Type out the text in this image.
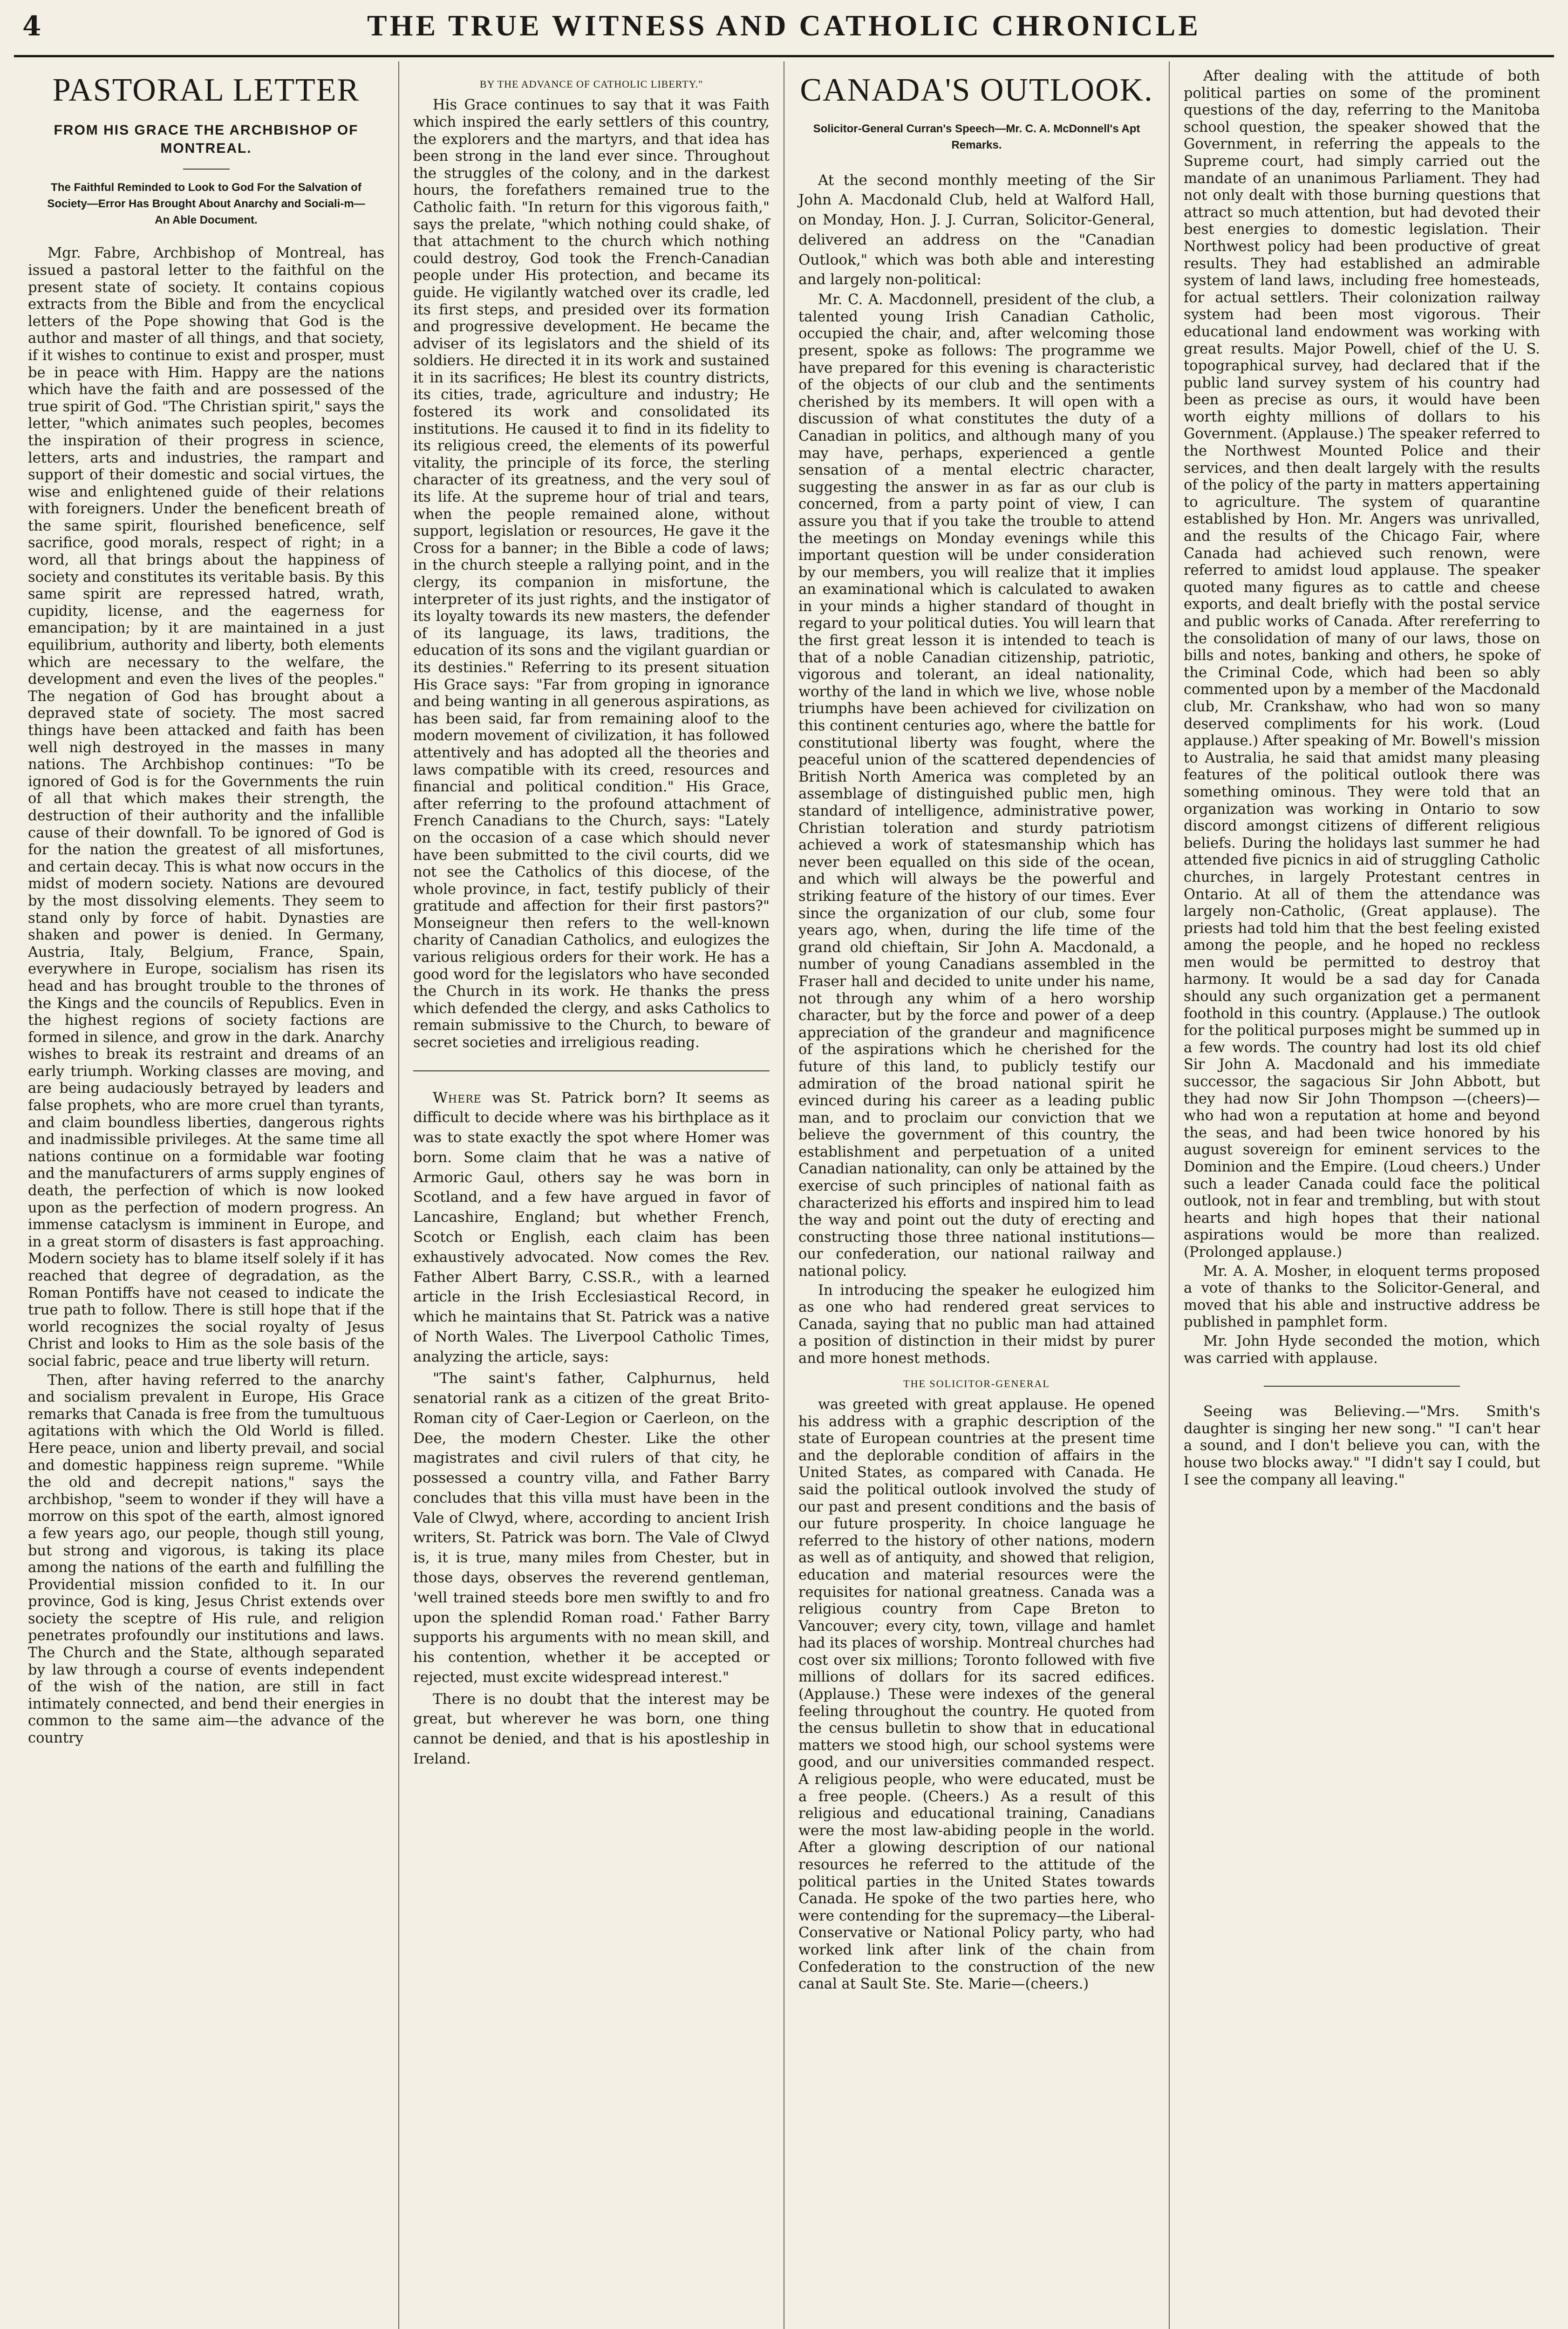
4	THE TRUE WITNESS AND CATHOLIC CHRONICLE
PASTORAL LETTER
FROM HIS GRACE THE ARCHBISHOP OF MONTREAL.
The Faithful Reminded to Look to God For the Salvation of Society—Error Has Brought About Anarchy and Sociali-m—An Able Document.

Mgr. Fabre, Archbishop of Montreal, has issued a pastoral letter to the faithful on the present state of society. It contains copious extracts from the Bible and from the encyclical letters of the Pope showing that God is the author and master of all things, and that society, if it wishes to continue to exist and prosper, must be in peace with Him. Happy are the nations which have the faith and are possessed of the true spirit of God. "The Christian spirit," says the letter, "which animates such peoples, becomes the inspiration of their progress in science, letters, arts and industries, the rampart and support of their domestic and social virtues, the wise and enlightened guide of their relations with foreigners. Under the beneficent breath of the same spirit, flourished beneficence, self sacrifice, good morals, respect of right; in a word, all that brings about the happiness of society and constitutes its veritable basis. By this same spirit are repressed hatred, wrath, cupidity, license, and the eagerness for emancipation; by it are maintained in a just equilibrium, authority and liberty, both elements which are necessary to the welfare, the development and even the lives of the peoples." The negation of God has brought about a depraved state of society. The most sacred things have been attacked and faith has been well nigh destroyed in the masses in many nations. The Archbishop continues: "To be ignored of God is for the Governments the ruin of all that which makes their strength, the destruction of their authority and the infallible cause of their downfall. To be ignored of God is for the nation the greatest of all misfortunes, and certain decay. This is what now occurs in the midst of modern society. Nations are devoured by the most dissolving elements. They seem to stand only by force of habit. Dynasties are shaken and power is denied. In Germany, Austria, Italy, Belgium, France, Spain, everywhere in Europe, socialism has risen its head and has brought trouble to the thrones of the Kings and the councils of Republics. Even in the highest regions of society factions are formed in silence, and grow in the dark. Anarchy wishes to break its restraint and dreams of an early triumph. Working classes are moving, and are being audaciously betrayed by leaders and false prophets, who are more cruel than tyrants, and claim boundless liberties, dangerous rights and inadmissible privileges. At the same time all nations continue on a formidable war footing and the manufacturers of arms supply engines of death, the perfection of which is now looked upon as the perfection of modern progress. An immense cataclysm is imminent in Europe, and in a great storm of disasters is fast approaching. Modern society has to blame itself solely if it has reached that degree of degradation, as the Roman Pontiffs have not ceased to indicate the true path to follow. There is still hope that if the world recognizes the social royalty of Jesus Christ and looks to Him as the sole basis of the social fabric, peace and true liberty will return.

Then, after having referred to the anarchy and socialism prevalent in Europe, His Grace remarks that Canada is free from the tumultuous agitations with which the Old World is filled. Here peace, union and liberty prevail, and social and domestic happiness reign supreme. "While the old and decrepit nations," says the archbishop, "seem to wonder if they will have a morrow on this spot of the earth, almost ignored a few years ago, our people, though still young, but strong and vigorous, is taking its place among the nations of the earth and fulfilling the Providential mission confided to it. In our province, God is king, Jesus Christ extends over society the sceptre of His rule, and religion penetrates profoundly our institutions and laws. The Church and the State, although separated by law through a course of events independent of the wish of the nation, are still in fact intimately connected, and bend their energies in common to the same aim—the advance of the country

BY THE ADVANCE OF CATHOLIC LIBERTY."

His Grace continues to say that it was Faith which inspired the early settlers of this country, the explorers and the martyrs, and that idea has been strong in the land ever since. Throughout the struggles of the colony, and in the darkest hours, the forefathers remained true to the Catholic faith. "In return for this vigorous faith," says the prelate, "which nothing could shake, of that attachment to the church which nothing could destroy, God took the French-Canadian people under His protection, and became its guide. He vigilantly watched over its cradle, led its first steps, and presided over its formation and progressive development. He became the adviser of its legislators and the shield of its soldiers. He directed it in its work and sustained it in its sacrifices; He blest its country districts, its cities, trade, agriculture and industry; He fostered its work and consolidated its institutions. He caused it to find in its fidelity to its religious creed, the elements of its powerful vitality, the principle of its force, the sterling character of its greatness, and the very soul of its life. At the supreme hour of trial and tears, when the people remained alone, without support, legislation or resources, He gave it the Cross for a banner; in the Bible a code of laws; in the church steeple a rallying point, and in the clergy, its companion in misfortune, the interpreter of its just rights, and the instigator of its loyalty towards its new masters, the defender of its language, its laws, traditions, the education of its sons and the vigilant guardian or its destinies." Referring to its present situation His Grace says: "Far from groping in ignorance and being wanting in all generous aspirations, as has been said, far from remaining aloof to the modern movement of civilization, it has followed attentively and has adopted all the theories and laws compatible with its creed, resources and financial and political condition." His Grace, after referring to the profound attachment of French Canadians to the Church, says: "Lately on the occasion of a case which should never have been submitted to the civil courts, did we not see the Catholics of this diocese, of the whole province, in fact, testify publicly of their gratitude and affection for their first pastors?" Monseigneur then refers to the well-known charity of Canadian Catholics, and eulogizes the various religious orders for their work. He has a good word for the legislators who have seconded the Church in its work. He thanks the press which defended the clergy, and asks Catholics to remain submissive to the Church, to beware of secret societies and irreligious reading.

Where was St. Patrick born? It seems as difficult to decide where was his birthplace as it was to state exactly the spot where Homer was born. Some claim that he was a native of Armoric Gaul, others say he was born in Scotland, and a few have argued in favor of Lancashire, England; but whether French, Scotch or English, each claim has been exhaustively advocated. Now comes the Rev. Father Albert Barry, C.SS.R., with a learned article in the Irish Ecclesiastical Record, in which he maintains that St. Patrick was a native of North Wales. The Liverpool Catholic Times, analyzing the article, says:

"The saint's father, Calphurnus, held senatorial rank as a citizen of the great Brito-Roman city of Caer-Legion or Caerleon, on the Dee, the modern Chester. Like the other magistrates and civil rulers of that city, he possessed a country villa, and Father Barry concludes that this villa must have been in the Vale of Clwyd, where, according to ancient Irish writers, St. Patrick was born. The Vale of Clwyd is, it is true, many miles from Chester, but in those days, observes the reverend gentleman, 'well trained steeds bore men swiftly to and fro upon the splendid Roman road.' Father Barry supports his arguments with no mean skill, and his contention, whether it be accepted or rejected, must excite widespread interest."

There is no doubt that the interest may be great, but wherever he was born, one thing cannot be denied, and that is his apostleship in Ireland.

CANADA'S OUTLOOK.
Solicitor-General Curran's Speech—Mr. C. A. McDonnell's Apt Remarks.

At the second monthly meeting of the Sir John A. Macdonald Club, held at Walford Hall, on Monday, Hon. J. J. Curran, Solicitor-General, delivered an address on the "Canadian Outlook," which was both able and interesting and largely non-political:

Mr. C. A. Macdonnell, president of the club, a talented young Irish Canadian Catholic, occupied the chair, and, after welcoming those present, spoke as follows: The programme we have prepared for this evening is characteristic of the objects of our club and the sentiments cherished by its members. It will open with a discussion of what constitutes the duty of a Canadian in politics, and although many of you may have, perhaps, experienced a gentle sensation of a mental electric character, suggesting the answer in as far as our club is concerned, from a party point of view, I can assure you that if you take the trouble to attend the meetings on Monday evenings while this important question will be under consideration by our members, you will realize that it implies an examinational which is calculated to awaken in your minds a higher standard of thought in regard to your political duties. You will learn that the first great lesson it is intended to teach is that of a noble Canadian citizenship, patriotic, vigorous and tolerant, an ideal nationality, worthy of the land in which we live, whose noble triumphs have been achieved for civilization on this continent centuries ago, where the battle for constitutional liberty was fought, where the peaceful union of the scattered dependencies of British North America was completed by an assemblage of distinguished public men, high standard of intelligence, administrative power, Christian toleration and sturdy patriotism achieved a work of statesmanship which has never been equalled on this side of the ocean, and which will always be the powerful and striking feature of the history of our times. Ever since the organization of our club, some four years ago, when, during the life time of the grand old chieftain, Sir John A. Macdonald, a number of young Canadians assembled in the Fraser hall and decided to unite under his name, not through any whim of a hero worship character, but by the force and power of a deep appreciation of the grandeur and magnificence of the aspirations which he cherished for the future of this land, to publicly testify our admiration of the broad national spirit he evinced during his career as a leading public man, and to proclaim our conviction that we believe the government of this country, the establishment and perpetuation of a united Canadian nationality, can only be attained by the exercise of such principles of national faith as characterized his efforts and inspired him to lead the way and point out the duty of erecting and constructing those three national institutions—our confederation, our national railway and national policy.

In introducing the speaker he eulogized him as one who had rendered great services to Canada, saying that no public man had attained a position of distinction in their midst by purer and more honest methods.

THE SOLICITOR-GENERAL

was greeted with great applause. He opened his address with a graphic description of the state of European countries at the present time and the deplorable condition of affairs in the United States, as compared with Canada. He said the political outlook involved the study of our past and present conditions and the basis of our future prosperity. In choice language he referred to the history of other nations, modern as well as of antiquity, and showed that religion, education and material resources were the requisites for national greatness. Canada was a religious country from Cape Breton to Vancouver; every city, town, village and hamlet had its places of worship. Montreal churches had cost over six millions; Toronto followed with five millions of dollars for its sacred edifices. (Applause.) These were indexes of the general feeling throughout the country. He quoted from the census bulletin to show that in educational matters we stood high, our school systems were good, and our universities commanded respect. A religious people, who were educated, must be a free people. (Cheers.) As a result of this religious and educational training, Canadians were the most law-abiding people in the world. After a glowing description of our national resources he referred to the attitude of the political parties in the United States towards Canada. He spoke of the two parties here, who were contending for the supremacy—the Liberal-Conservative or National Policy party, who had worked link after link of the chain from Confederation to the construction of the new canal at Sault Ste. Ste. Marie—(cheers.)

After dealing with the attitude of both political parties on some of the prominent questions of the day, referring to the Manitoba school question, the speaker showed that the Government, in referring the appeals to the Supreme court, had simply carried out the mandate of an unanimous Parliament. They had not only dealt with those burning questions that attract so much attention, but had devoted their best energies to domestic legislation. Their Northwest policy had been productive of great results. They had established an admirable system of land laws, including free homesteads, for actual settlers. Their colonization railway system had been most vigorous. Their educational land endowment was working with great results. Major Powell, chief of the U. S. topographical survey, had declared that if the public land survey system of his country had been as precise as ours, it would have been worth eighty millions of dollars to his Government. (Applause.) The speaker referred to the Northwest Mounted Police and their services, and then dealt largely with the results of the policy of the party in matters appertaining to agriculture. The system of quarantine established by Hon. Mr. Angers was unrivalled, and the results of the Chicago Fair, where Canada had achieved such renown, were referred to amidst loud applause. The speaker quoted many figures as to cattle and cheese exports, and dealt briefly with the postal service and public works of Canada. After rereferring to the consolidation of many of our laws, those on bills and notes, banking and others, he spoke of the Criminal Code, which had been so ably commented upon by a member of the Macdonald club, Mr. Crankshaw, who had won so many deserved compliments for his work. (Loud applause.) After speaking of Mr. Bowell's mission to Australia, he said that amidst many pleasing features of the political outlook there was something ominous. They were told that an organization was working in Ontario to sow discord amongst citizens of different religious beliefs. During the holidays last summer he had attended five picnics in aid of struggling Catholic churches, in largely Protestant centres in Ontario. At all of them the attendance was largely non-Catholic, (Great applause). The priests had told him that the best feeling existed among the people, and he hoped no reckless men would be permitted to destroy that harmony. It would be a sad day for Canada should any such organization get a permanent foothold in this country. (Applause.) The outlook for the political purposes might be summed up in a few words. The country had lost its old chief Sir John A. Macdonald and his immediate successor, the sagacious Sir John Abbott, but they had now Sir John Thompson —(cheers)—who had won a reputation at home and beyond the seas, and had been twice honored by his august sovereign for eminent services to the Dominion and the Empire. (Loud cheers.) Under such a leader Canada could face the political outlook, not in fear and trembling, but with stout hearts and high hopes that their national aspirations would be more than realized. (Prolonged applause.)

Mr. A. A. Mosher, in eloquent terms proposed a vote of thanks to the Solicitor-General, and moved that his able and instructive address be published in pamphlet form.

Mr. John Hyde seconded the motion, which was carried with applause.

Seeing was Believing.—"Mrs. Smith's daughter is singing her new song." "I can't hear a sound, and I don't believe you can, with the house two blocks away." "I didn't say I could, but I see the company all leaving."
